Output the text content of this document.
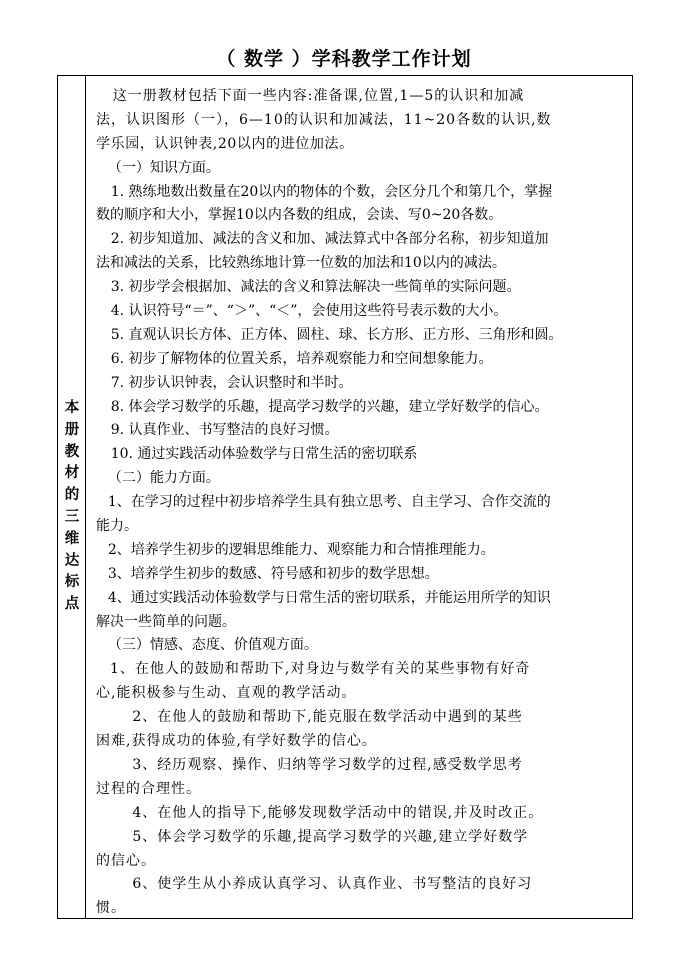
（ 数学 ）学科教学工作计划
本
册
教
材
的
三
维
达
标
点
这一册教材包括下面一些内容:准备课,位置,1—5的认识和加减
法，认识图形（一），6—10的认识和加减法，11~20各数的认识,数
学乐园，认识钟表,20以内的进位加法。
（一）知识方面。
1. 熟练地数出数量在20以内的物体的个数，会区分几个和第几个，掌握
数的顺序和大小，掌握10以内各数的组成，会读、写0~20各数。
2. 初步知道加、减法的含义和加、减法算式中各部分名称，初步知道加
法和减法的关系，比较熟练地计算一位数的加法和10以内的减法。
3. 初步学会根据加、减法的含义和算法解决一些简单的实际问题。
4. 认识符号“＝”、“＞”、“＜”，会使用这些符号表示数的大小。
5. 直观认识长方体、正方体、圆柱、球、长方形、正方形、三角形和圆。
6. 初步了解物体的位置关系，培养观察能力和空间想象能力。
7. 初步认识钟表，会认识整时和半时。
8. 体会学习数学的乐趣，提高学习数学的兴趣，建立学好数学的信心。
9. 认真作业、书写整洁的良好习惯。
10. 通过实践活动体验数学与日常生活的密切联系
（二）能力方面。
1、在学习的过程中初步培养学生具有独立思考、自主学习、合作交流的
能力。
2、培养学生初步的逻辑思维能力、观察能力和合情推理能力。
3、培养学生初步的数感、符号感和初步的数学思想。
4、通过实践活动体验数学与日常生活的密切联系，并能运用所学的知识
解决一些简单的问题。
（三）情感、态度、价值观方面。
1、在他人的鼓励和帮助下,对身边与数学有关的某些事物有好奇
心,能积极参与生动、直观的教学活动。
2、在他人的鼓励和帮助下,能克服在数学活动中遇到的某些
困难,获得成功的体验,有学好数学的信心。
3、经历观察、操作、归纳等学习数学的过程,感受数学思考
过程的合理性。
4、在他人的指导下,能够发现数学活动中的错误,并及时改正。
5、体会学习数学的乐趣,提高学习数学的兴趣,建立学好数学
的信心。
6、使学生从小养成认真学习、认真作业、书写整洁的良好习
惯。
